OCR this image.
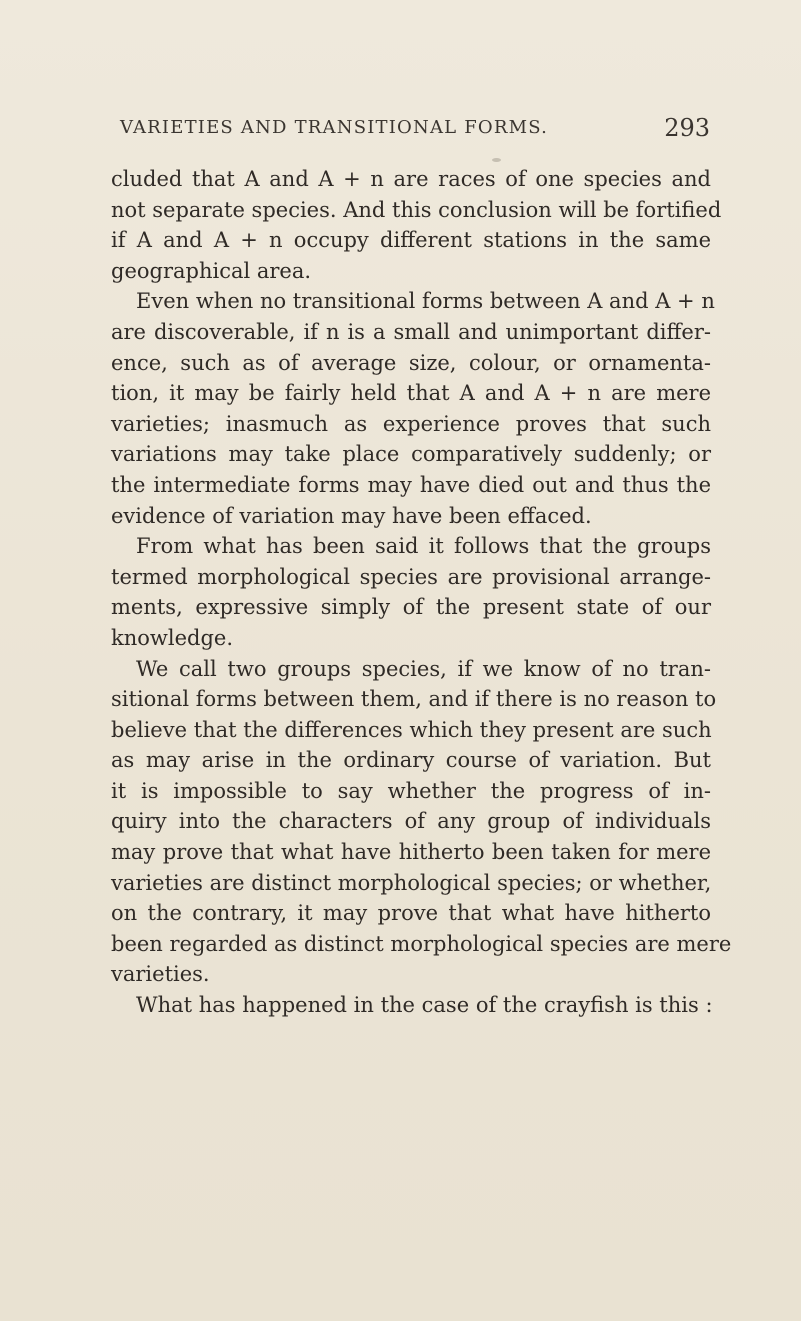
VARIETIES AND TRANSITIONAL FORMS.	293
cluded that A and A + n are races of one species and
not separate species. And this conclusion will be fortified
if A and A + n occupy different stations in the same
geographical area.
Even when no transitional forms between A and A + n
are discoverable, if n is a small and unimportant differ-
ence, such as of average size, colour, or ornamenta-
tion, it may be fairly held that A and A + n are mere
varieties; inasmuch as experience proves that such
variations may take place comparatively suddenly; or
the intermediate forms may have died out and thus the
evidence of variation may have been effaced.
From what has been said it follows that the groups
termed morphological species are provisional arrange-
ments, expressive simply of the present state of our
knowledge.
We call two groups species, if we know of no tran-
sitional forms between them, and if there is no reason to
believe that the differences which they present are such
as may arise in the ordinary course of variation. But
it is impossible to say whether the progress of in-
quiry into the characters of any group of individuals
may prove that what have hitherto been taken for mere
varieties are distinct morphological species; or whether,
on the contrary, it may prove that what have hitherto
been regarded as distinct morphological species are mere
varieties.
What has happened in the case of the crayfish is this :
